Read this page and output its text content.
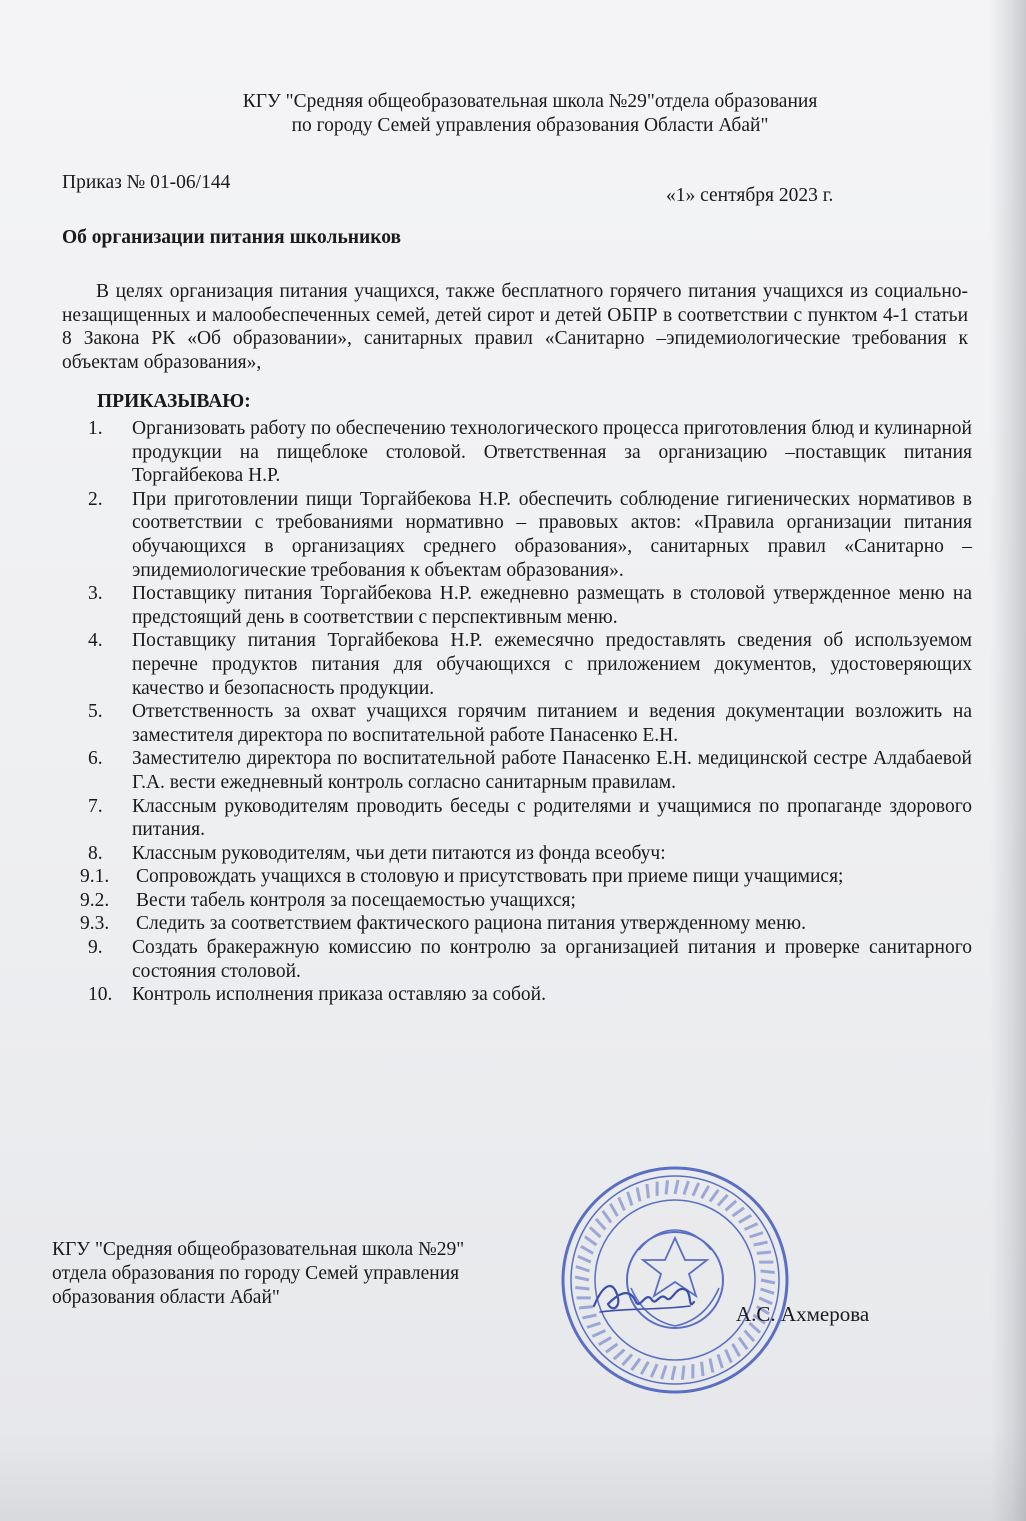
КГУ "Средняя общеобразовательная школа №29"отдела образования
по городу Семей управления образования Области Абай"
Приказ № 01-06/144
«1» сентября 2023 г.
Об организации питания школьников
В целях организация питания учащихся, также бесплатного горячего питания учащихся из социально-незащищенных и малообеспеченных семей, детей сирот и детей ОБПР в соответствии с пунктом 4-1 статьи 8 Закона РК «Об образовании», санитарных правил «Санитарно –эпидемиологические требования к объектам образования»,
ПРИКАЗЫВАЮ:
1. Организовать работу по обеспечению технологического процесса приготовления блюд и кулинарной продукции на пищеблоке столовой. Ответственная за организацию –поставщик питания Торгайбекова Н.Р.
2. При приготовлении пищи Торгайбекова Н.Р. обеспечить соблюдение гигиенических нормативов в соответствии с требованиями нормативно – правовых актов: «Правила организации питания обучающихся в организациях среднего образования», санитарных правил «Санитарно – эпидемиологические требования к объектам образования».
3. Поставщику питания Торгайбекова Н.Р. ежедневно размещать в столовой утвержденное меню на предстоящий день в соответствии с перспективным меню.
4. Поставщику питания Торгайбекова Н.Р. ежемесячно предоставлять сведения об используемом перечне продуктов питания для обучающихся с приложением документов, удостоверяющих качество и безопасность продукции.
5. Ответственность за охват учащихся горячим питанием и ведения документации возложить на заместителя директора по воспитательной работе Панасенко Е.Н.
6. Заместителю директора по воспитательной работе Панасенко Е.Н. медицинской сестре Алдабаевой Г.А. вести ежедневный контроль согласно санитарным правилам.
7. Классным руководителям проводить беседы с родителями и учащимися по пропаганде здорового питания.
8. Классным руководителям, чьи дети питаются из фонда всеобуч:
9.1. Сопровождать учащихся в столовую и присутствовать при приеме пищи учащимися;
9.2. Вести табель контроля за посещаемостью учащихся;
9.3. Следить за соответствием фактического рациона питания утвержденному меню.
9. Создать бракеражную комиссию по контролю за организацией питания и проверке санитарного состояния столовой.
10. Контроль исполнения приказа оставляю за собой.
КГУ "Средняя общеобразовательная школа №29"
отдела образования по городу Семей управления
образования области Абай"
А.С. Ахмерова
